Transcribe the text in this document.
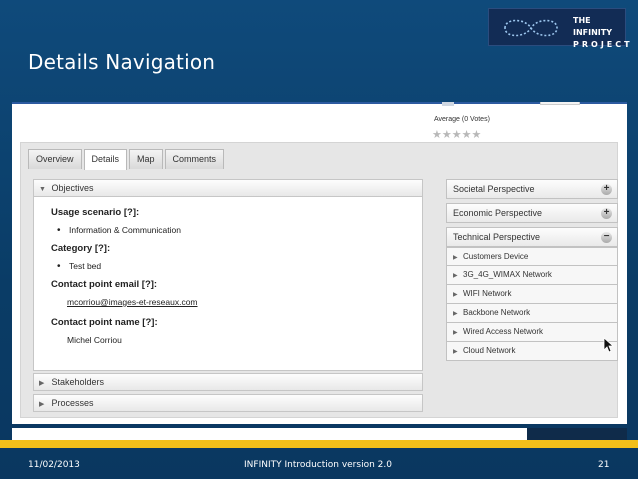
Details Navigation
THE INFINITY
PROJECT
Average (0 Votes)
★★★★★
Overview	Details	Map	Comments
▼ Objectives
Usage scenario [?]:
• Information & Communication
Category [?]:
• Test bed
Contact point email [?]:
mcorriou@images-et-reseaux.com
Contact point name [?]:
Michel Corriou
▶ Stakeholders
▶ Processes
Societal Perspective	+
Economic Perspective	+
Technical Perspective	−
▶ Customers Device
▶ 3G_4G_WIMAX Network
▶ WIFI Network
▶ Backbone Network
▶ Wired Access Network
▶ Cloud Network
11/02/2013	INFINITY Introduction version 2.0	21
